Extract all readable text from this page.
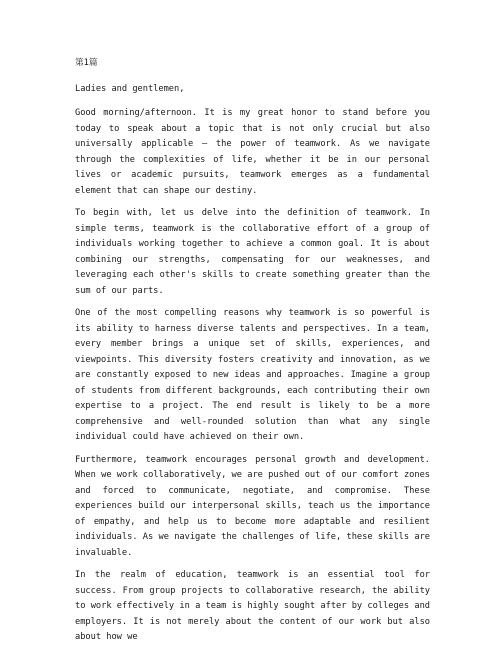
第1篇
Ladies and gentlemen,
Good morning/afternoon. It is my great honor to stand before you today to speak about a topic that is not only crucial but also universally applicable – the power of teamwork. As we navigate through the complexities of life, whether it be in our personal lives or academic pursuits, teamwork emerges as a fundamental element that can shape our destiny.
To begin with, let us delve into the definition of teamwork. In simple terms, teamwork is the collaborative effort of a group of individuals working together to achieve a common goal. It is about combining our strengths, compensating for our weaknesses, and leveraging each other's skills to create something greater than the sum of our parts.
One of the most compelling reasons why teamwork is so powerful is its ability to harness diverse talents and perspectives. In a team, every member brings a unique set of skills, experiences, and viewpoints. This diversity fosters creativity and innovation, as we are constantly exposed to new ideas and approaches. Imagine a group of students from different backgrounds, each contributing their own expertise to a project. The end result is likely to be a more comprehensive and well-rounded solution than what any single individual could have achieved on their own.
Furthermore, teamwork encourages personal growth and development. When we work collaboratively, we are pushed out of our comfort zones and forced to communicate, negotiate, and compromise. These experiences build our interpersonal skills, teach us the importance of empathy, and help us to become more adaptable and resilient individuals. As we navigate the challenges of life, these skills are invaluable.
In the realm of education, teamwork is an essential tool for success. From group projects to collaborative research, the ability to work effectively in a team is highly sought after by colleges and employers. It is not merely about the content of our work but also about how we
